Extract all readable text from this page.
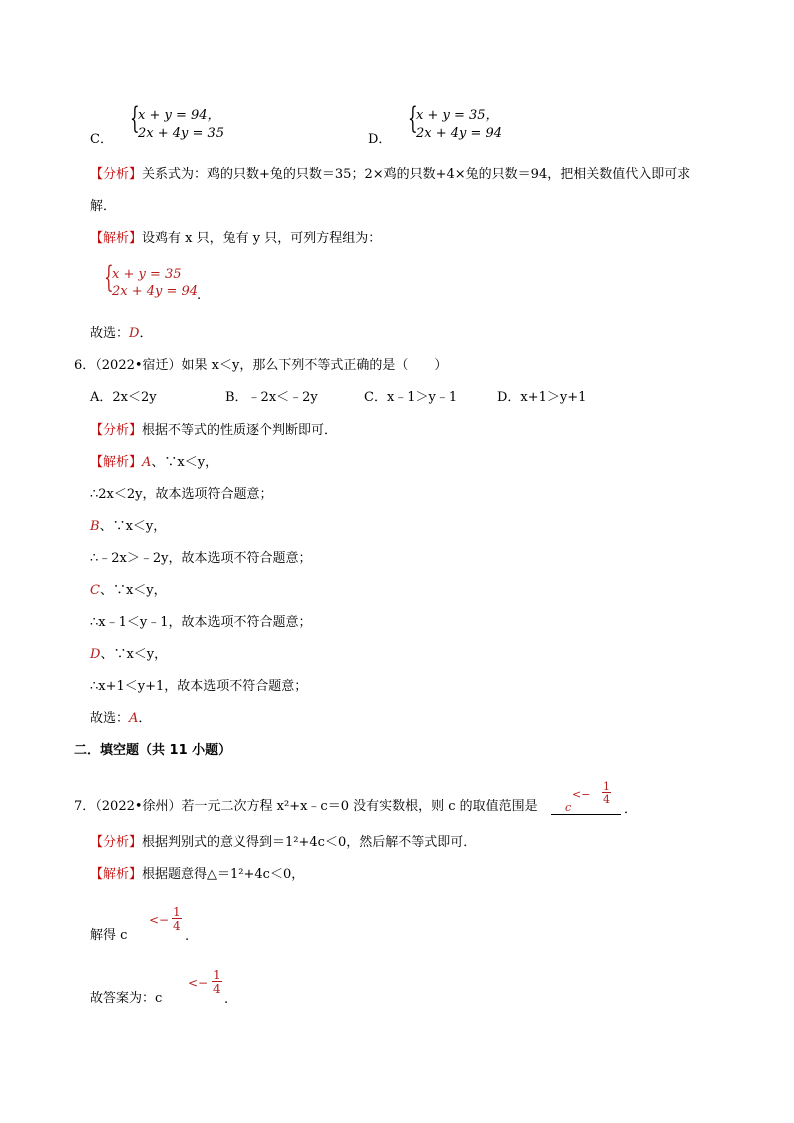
C．
{
x + y = 94，
2x + 4y = 35	D．
{
x + y = 35，
2x + 4y = 94
【分析】关系式为：鸡的只数+兔的只数＝35；2×鸡的只数+4×兔的只数＝94，把相关数值代入即可求
解．
【解析】设鸡有 x 只，兔有 y 只，可列方程组为：
{
x + y = 35
2x + 4y = 94
.
故选：D．
6．（2022•宿迁）如果 x＜y，那么下列不等式正确的是（　　）
A．2x＜2y	B．﹣2x＜﹣2y	C．x﹣1＞y﹣1	D．x+1＞y+1
【分析】根据不等式的性质逐个判断即可．
【解析】A、∵x＜y，
∴2x＜2y，故本选项符合题意；
B、∵x＜y，
∴﹣2x＞﹣2y，故本选项不符合题意；
C、∵x＜y，
∴x﹣1＜y﹣1，故本选项不符合题意；
D、∵x＜y，
∴x+1＜y+1，故本选项不符合题意；
故选：A．
二．填空题（共 11 小题）
7．（2022•徐州）若一元二次方程 x²+x﹣c＝0 没有实数根，则 c 的取值范围是 c
<− $\frac{1}{4}$
．
【分析】根据判别式的意义得到＝1²+4c＜0，然后解不等式即可．
【解析】根据题意得△＝1²+4c＜0，
解得 c
<− $\frac{1}{4}$
.
故答案为：c
<− $\frac{1}{4}$
.
